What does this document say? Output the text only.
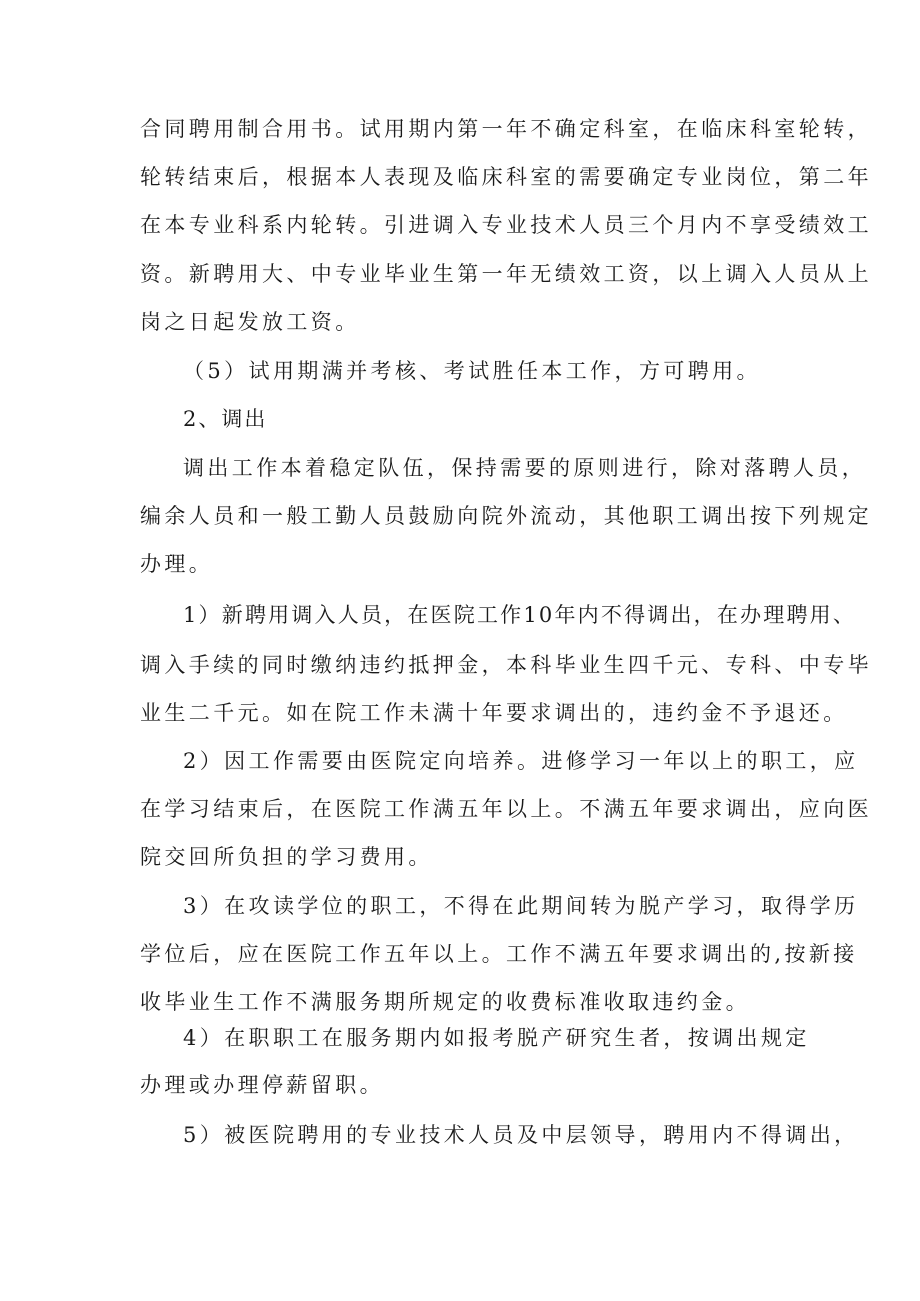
合同聘用制合用书。试用期内第一年不确定科室，在临床科室轮转，
轮转结束后，根据本人表现及临床科室的需要确定专业岗位，第二年
在本专业科系内轮转。引进调入专业技术人员三个月内不享受绩效工
资。新聘用大、中专业毕业生第一年无绩效工资，以上调入人员从上
岗之日起发放工资。
（5）试用期满并考核、考试胜任本工作，方可聘用。
2、调出
调出工作本着稳定队伍，保持需要的原则进行，除对落聘人员，
编余人员和一般工勤人员鼓励向院外流动，其他职工调出按下列规定
办理。
1）新聘用调入人员，在医院工作10年内不得调出，在办理聘用、
调入手续的同时缴纳违约抵押金，本科毕业生四千元、专科、中专毕
业生二千元。如在院工作未满十年要求调出的，违约金不予退还。
2）因工作需要由医院定向培养。进修学习一年以上的职工，应
在学习结束后，在医院工作满五年以上。不满五年要求调出，应向医
院交回所负担的学习费用。
3）在攻读学位的职工，不得在此期间转为脱产学习，取得学历
学位后，应在医院工作五年以上。工作不满五年要求调出的,按新接
收毕业生工作不满服务期所规定的收费标准收取违约金。
4）在职职工在服务期内如报考脱产研究生者，按调出规定
办理或办理停薪留职。
5）被医院聘用的专业技术人员及中层领导，聘用内不得调出，
